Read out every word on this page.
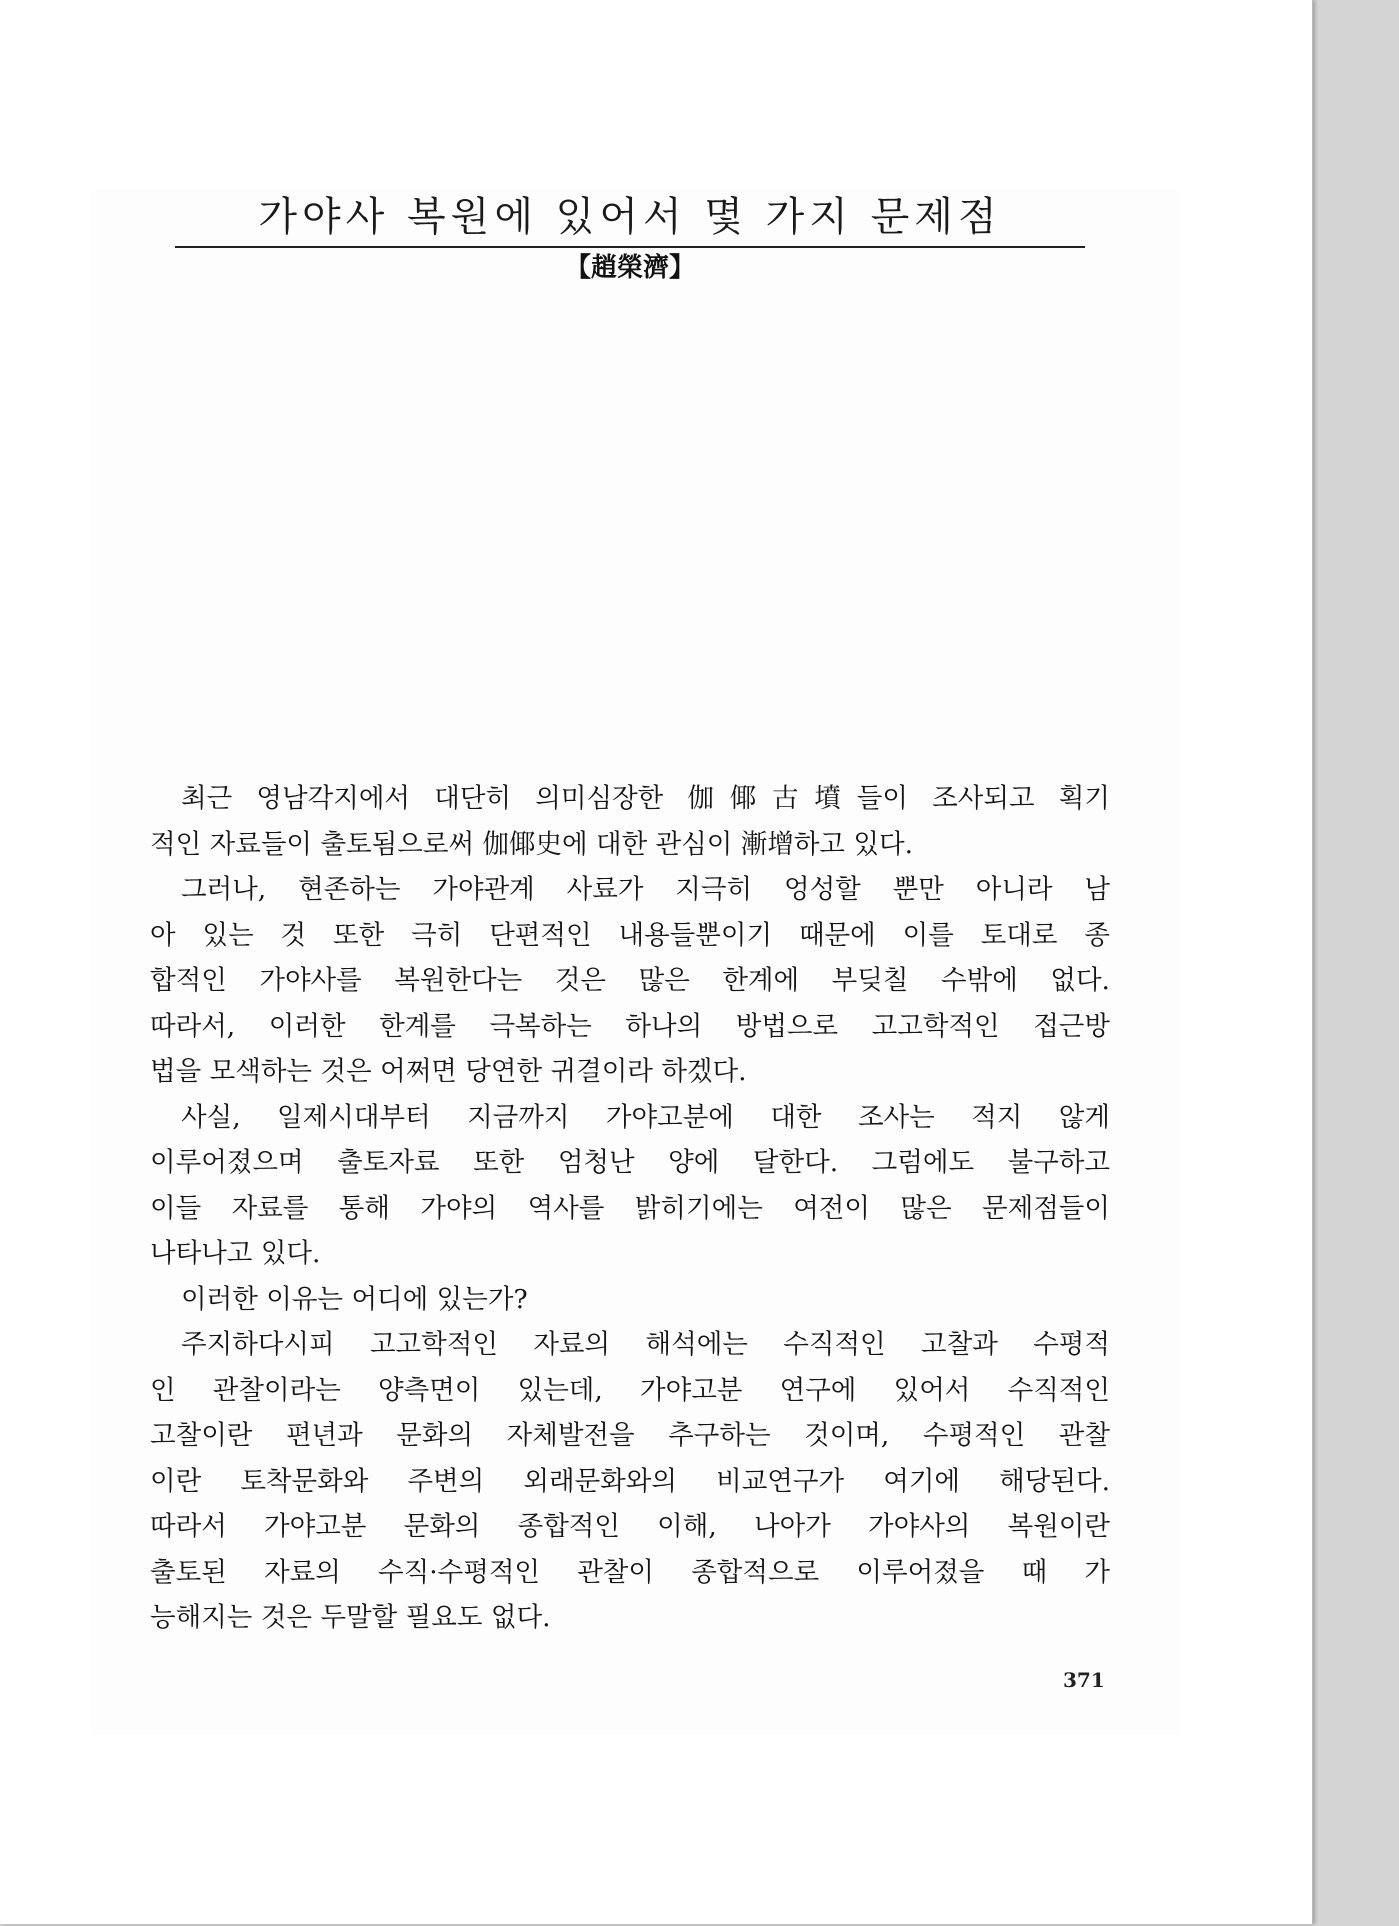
가야사 복원에 있어서 몇 가지 문제점
【趙榮濟】
최근 영남각지에서 대단히 의미심장한 伽倻古墳들이 조사되고 획기
적인 자료들이 출토됨으로써 伽倻史에 대한 관심이 漸增하고 있다.
그러나, 현존하는 가야관계 사료가 지극히 엉성할 뿐만 아니라 남
아 있는 것 또한 극히 단편적인 내용들뿐이기 때문에 이를 토대로 종
합적인 가야사를 복원한다는 것은 많은 한계에 부딪칠 수밖에 없다.
따라서, 이러한 한계를 극복하는 하나의 방법으로 고고학적인 접근방
법을 모색하는 것은 어쩌면 당연한 귀결이라 하겠다.
사실, 일제시대부터 지금까지 가야고분에 대한 조사는 적지 않게
이루어졌으며 출토자료 또한 엄청난 양에 달한다. 그럼에도 불구하고
이들 자료를 통해 가야의 역사를 밝히기에는 여전이 많은 문제점들이
나타나고 있다.
이러한 이유는 어디에 있는가?
주지하다시피 고고학적인 자료의 해석에는 수직적인 고찰과 수평적
인 관찰이라는 양측면이 있는데, 가야고분 연구에 있어서 수직적인
고찰이란 편년과 문화의 자체발전을 추구하는 것이며, 수평적인 관찰
이란 토착문화와 주변의 외래문화와의 비교연구가 여기에 해당된다.
따라서 가야고분 문화의 종합적인 이해, 나아가 가야사의 복원이란
출토된 자료의 수직·수평적인 관찰이 종합적으로 이루어졌을 때 가
능해지는 것은 두말할 필요도 없다.
371
